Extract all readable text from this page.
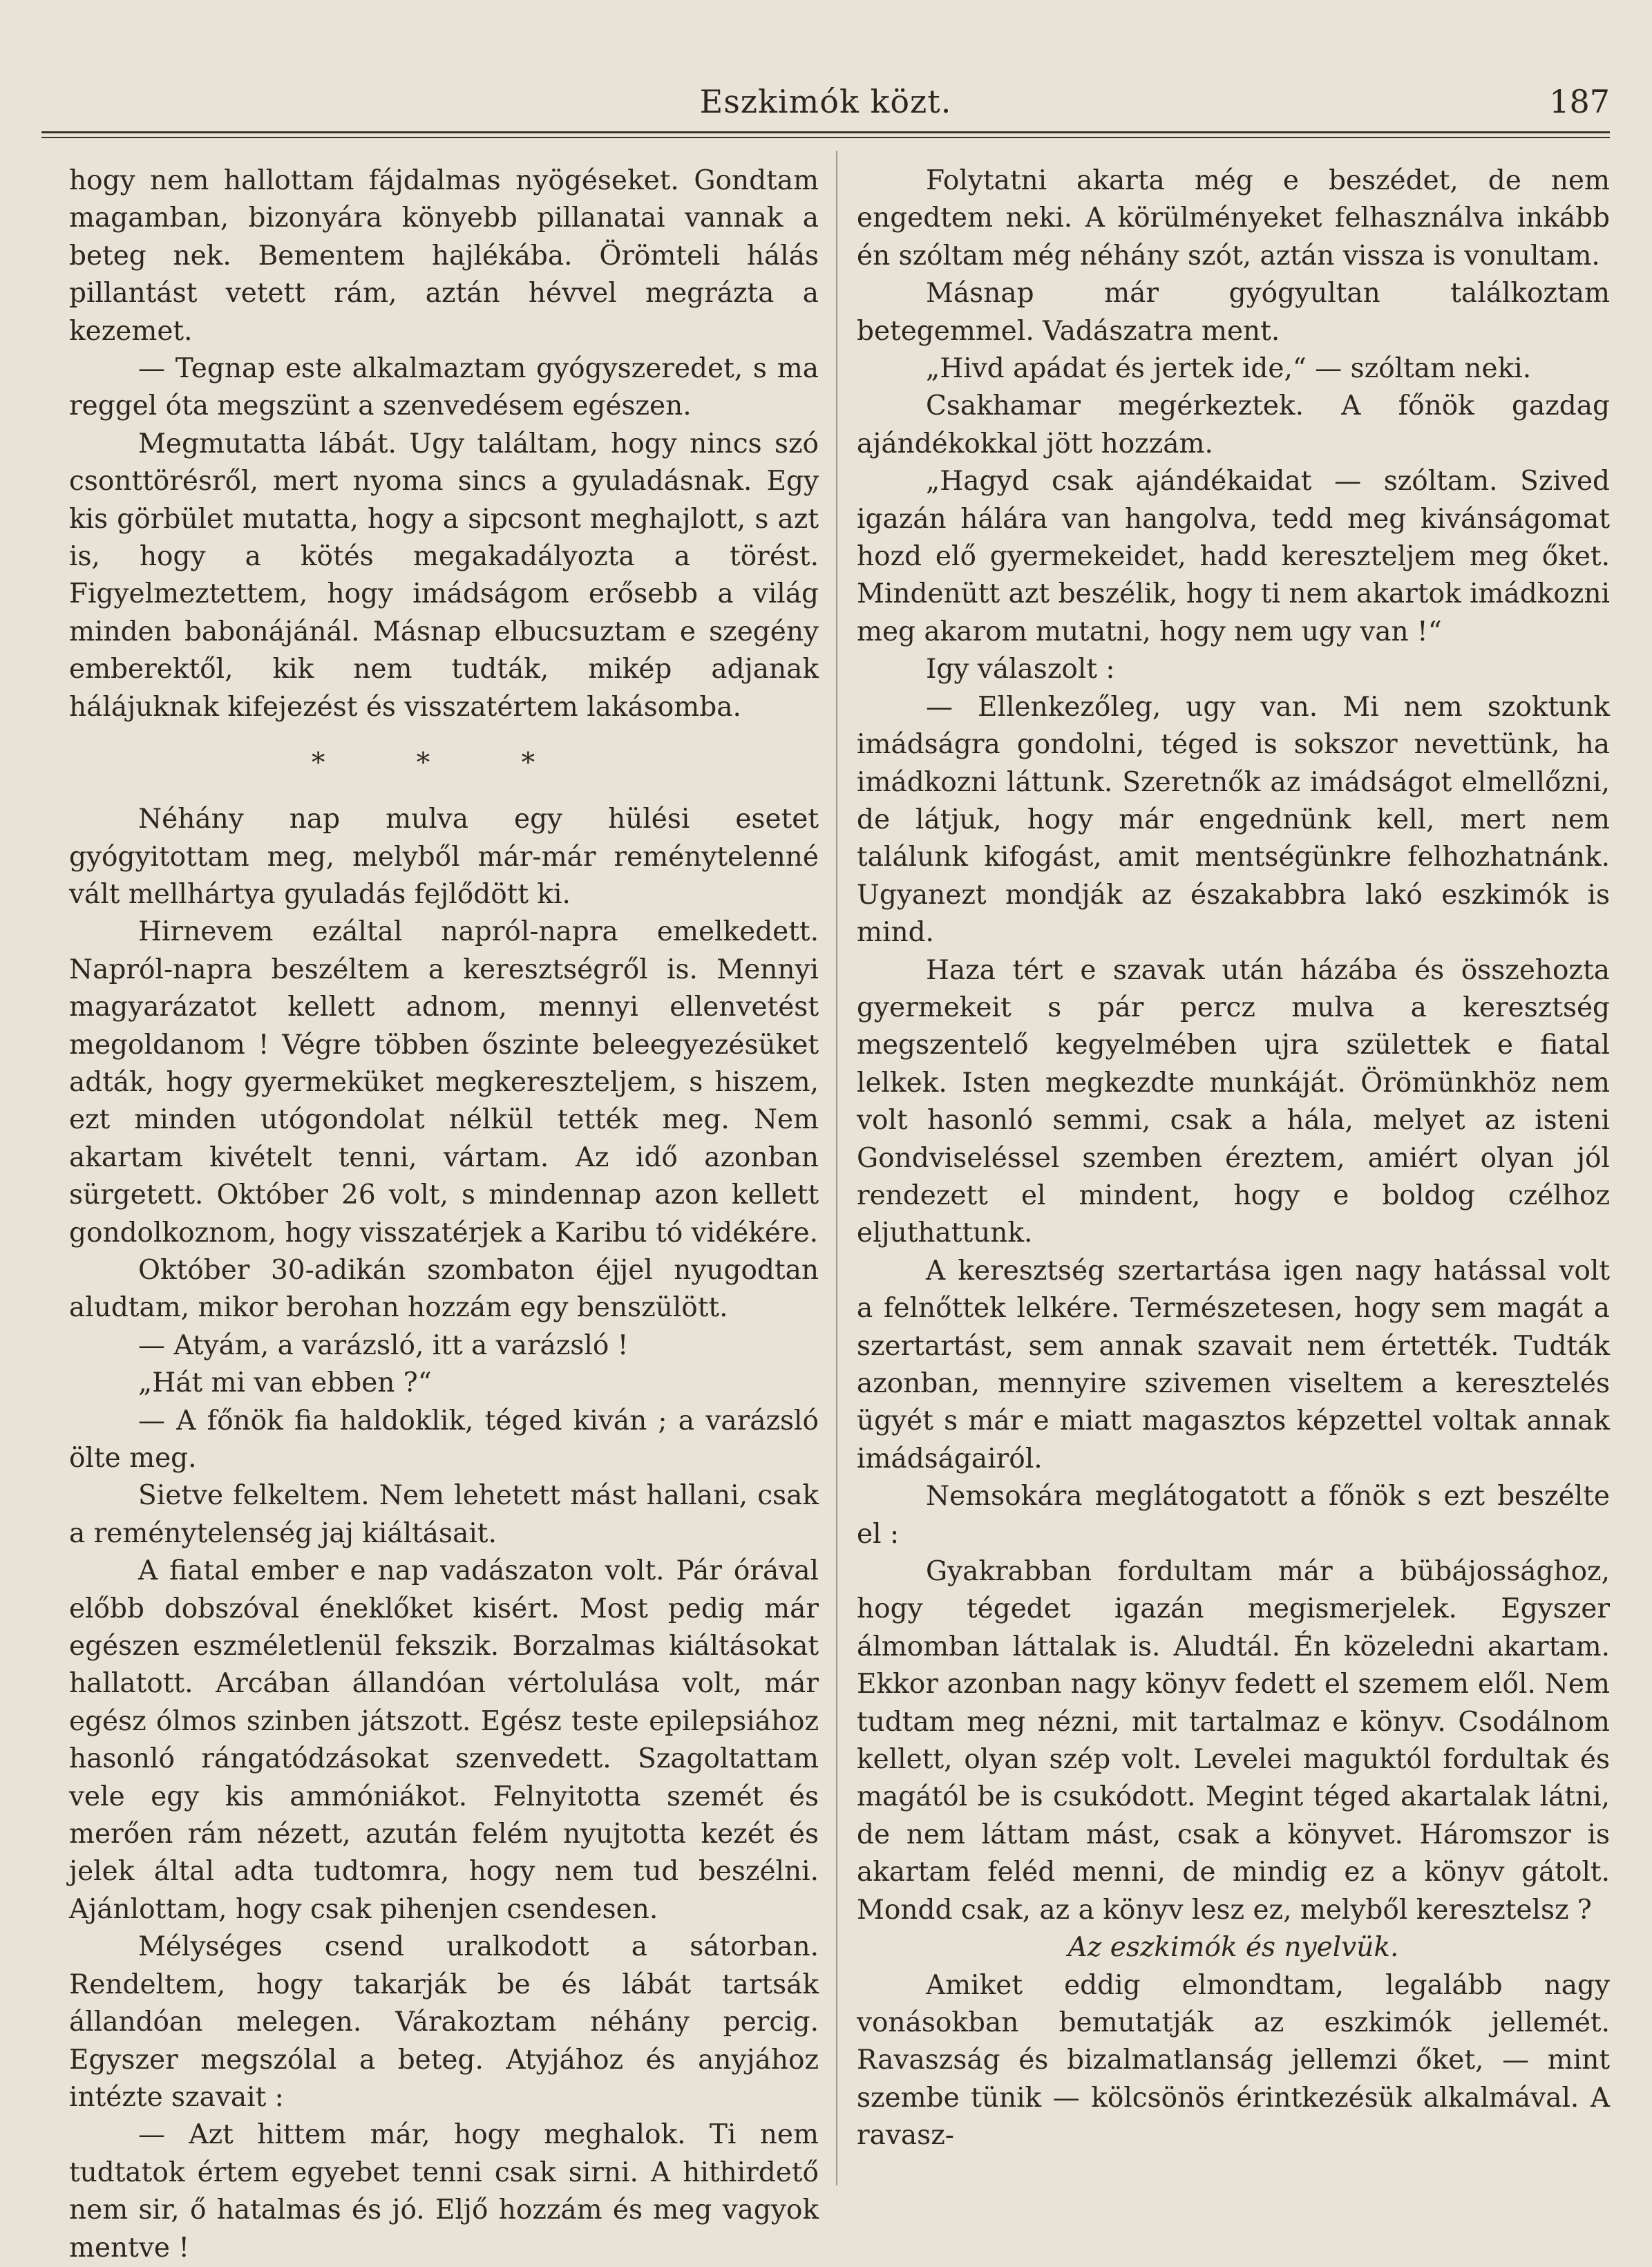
Eszkimók közt.	187

hogy nem hallottam fájdalmas nyögéseket. Gondtam magamban, bizonyára könyebb pillanatai vannak a beteg nek. Bementem hajlékába. Örömteli hálás pillantást vetett rám, aztán hévvel megrázta a kezemet.

— Tegnap este alkalmaztam gyógyszeredet, s ma reggel óta megszünt a szenvedésem egészen.

Megmutatta lábát. Ugy találtam, hogy nincs szó csonttörésről, mert nyoma sincs a gyuladásnak. Egy kis görbület mutatta, hogy a sipcsont meghajlott, s azt is, hogy a kötés megakadályozta a törést. Figyelmeztettem, hogy imádságom erősebb a világ minden babonájánál. Másnap elbucsuztam e szegény emberektől, kik nem tudták, mikép adjanak hálájuknak kifejezést és visszatértem lakásomba.

* * *

Néhány nap mulva egy hülési esetet gyógyitottam meg, melyből már-már reménytelenné vált mellhártya gyuladás fejlődött ki.

Hirnevem ezáltal napról-napra emelkedett. Napról-napra beszéltem a keresztségről is. Mennyi magyarázatot kellett adnom, mennyi ellenvetést megoldanom ! Végre többen őszinte beleegyezésüket adták, hogy gyermeküket megkereszteljem, s hiszem, ezt minden utógondolat nélkül tették meg. Nem akartam kivételt tenni, vártam. Az idő azonban sürgetett. Október 26 volt, s mindennap azon kellett gondolkoznom, hogy visszatérjek a Karibu tó vidékére.

Október 30-adikán szombaton éjjel nyugodtan aludtam, mikor berohan hozzám egy benszülött.

— Atyám, a varázsló, itt a varázsló !

„Hát mi van ebben ?“

— A főnök fia haldoklik, téged kiván ; a varázsló ölte meg.

Sietve felkeltem. Nem lehetett mást hallani, csak a reménytelenség jaj kiáltásait.

A fiatal ember e nap vadászaton volt. Pár órával előbb dobszóval éneklőket kisért. Most pedig már egészen eszméletlenül fekszik. Borzalmas kiáltásokat hallatott. Arcában állandóan vértolulása volt, már egész ólmos szinben játszott. Egész teste epilepsiához hasonló rángatódzásokat szenvedett. Szagoltattam vele egy kis ammóniákot. Felnyitotta szemét és merően rám nézett, azután felém nyujtotta kezét és jelek által adta tudtomra, hogy nem tud beszélni. Ajánlottam, hogy csak pihenjen csendesen.

Mélységes csend uralkodott a sátorban. Rendeltem, hogy takarják be és lábát tartsák állandóan melegen. Várakoztam néhány percig. Egyszer megszólal a beteg. Atyjához és anyjához intézte szavait :

— Azt hittem már, hogy meghalok. Ti nem tudtatok értem egyebet tenni csak sirni. A hithirdető nem sir, ő hatalmas és jó. Eljő hozzám és meg vagyok mentve !

Folytatni akarta még e beszédet, de nem engedtem neki. A körülményeket felhasználva inkább én szóltam még néhány szót, aztán vissza is vonultam.

Másnap már gyógyultan találkoztam betegemmel. Vadászatra ment.

„Hivd apádat és jertek ide,“ — szóltam neki.

Csakhamar megérkeztek. A főnök gazdag ajándékokkal jött hozzám.

„Hagyd csak ajándékaidat — szóltam. Szived igazán hálára van hangolva, tedd meg kivánságomat hozd elő gyermekeidet, hadd kereszteljem meg őket. Mindenütt azt beszélik, hogy ti nem akartok imádkozni meg akarom mutatni, hogy nem ugy van !“

Igy válaszolt :

— Ellenkezőleg, ugy van. Mi nem szoktunk imádságra gondolni, téged is sokszor nevettünk, ha imádkozni láttunk. Szeretnők az imádságot elmellőzni, de látjuk, hogy már engednünk kell, mert nem találunk kifogást, amit mentségünkre felhozhatnánk. Ugyanezt mondják az északabbra lakó eszkimók is mind.

Haza tért e szavak után házába és összehozta gyermekeit s pár percz mulva a keresztség megszentelő kegyelmében ujra születtek e fiatal lelkek. Isten megkezdte munkáját. Örömünkhöz nem volt hasonló semmi, csak a hála, melyet az isteni Gondviseléssel szemben éreztem, amiért olyan jól rendezett el mindent, hogy e boldog czélhoz eljuthattunk.

A keresztség szertartása igen nagy hatással volt a felnőttek lelkére. Természetesen, hogy sem magát a szertartást, sem annak szavait nem értették. Tudták azonban, mennyire szivemen viseltem a keresztelés ügyét s már e miatt magasztos képzettel voltak annak imádságairól.

Nemsokára meglátogatott a főnök s ezt beszélte el :

Gyakrabban fordultam már a bübájossághoz, hogy tégedet igazán megismerjelek. Egyszer álmomban láttalak is. Aludtál. Én közeledni akartam. Ekkor azonban nagy könyv fedett el szemem elől. Nem tudtam meg nézni, mit tartalmaz e könyv. Csodálnom kellett, olyan szép volt. Levelei maguktól fordultak és magától be is csukódott. Megint téged akartalak látni, de nem láttam mást, csak a könyvet. Háromszor is akartam feléd menni, de mindig ez a könyv gátolt. Mondd csak, az a könyv lesz ez, melyből keresztelsz ?

Az eszkimók és nyelvük.

Amiket eddig elmondtam, legalább nagy vonásokban bemutatják az eszkimók jellemét. Ravaszság és bizalmatlanság jellemzi őket, — mint szembe tünik — kölcsönös érintkezésük alkalmával. A ravasz-
